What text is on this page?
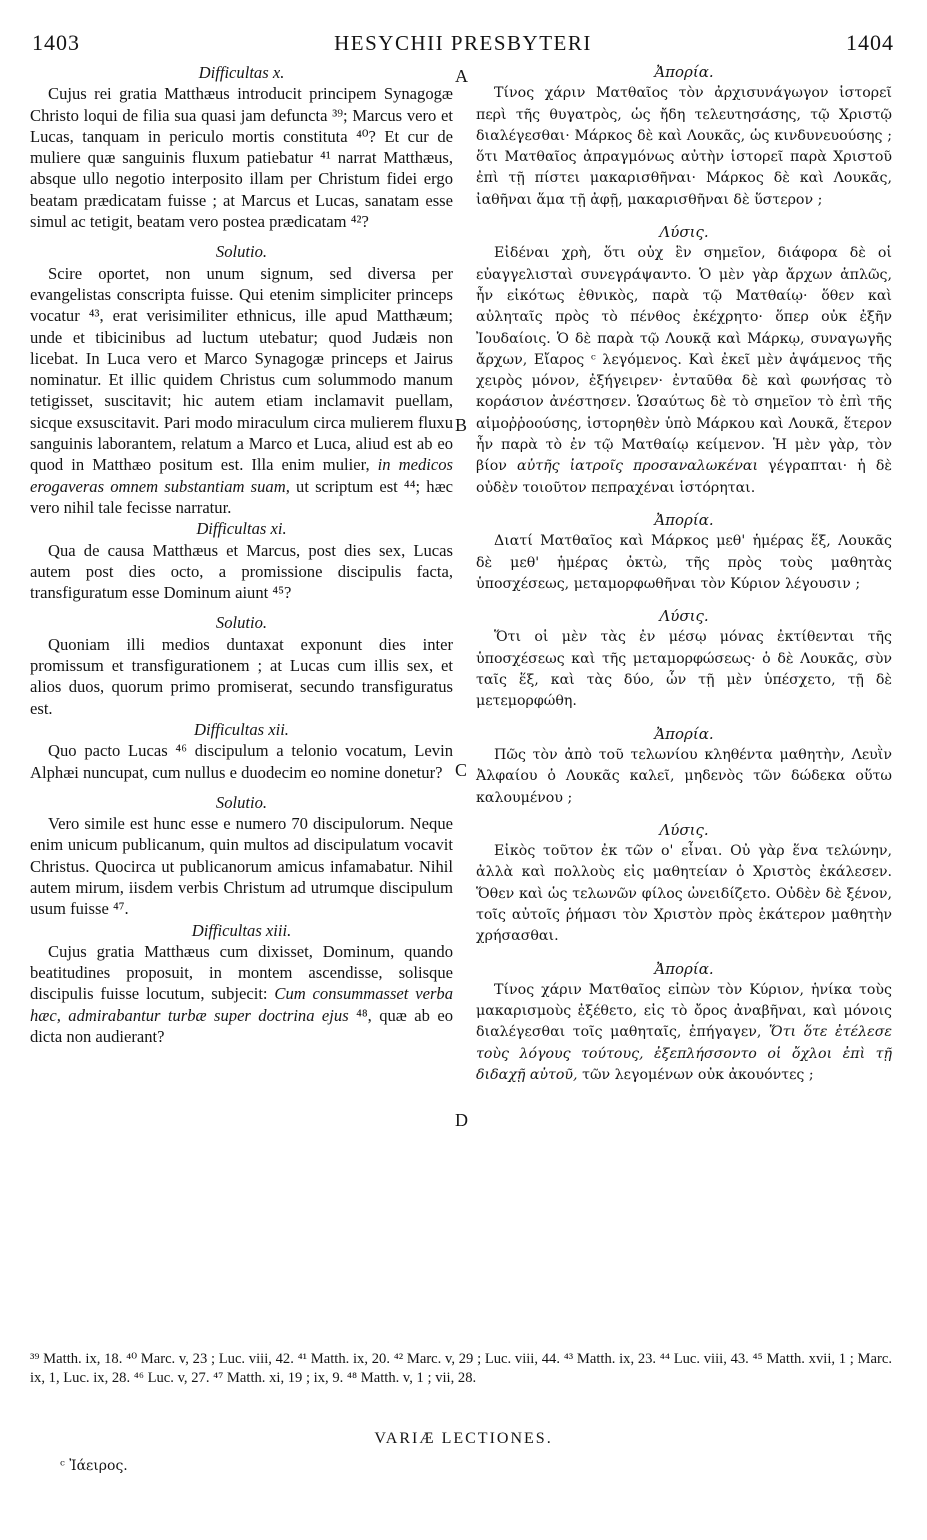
1403	HESYCHII PRESBYTERI	1404

Difficultas x.

Cujus rei gratia Matthæus introducit principem Synagogæ Christo loqui de filia sua quasi jam defuncta ³⁹; Marcus vero et Lucas, tanquam in periculo mortis constituta ⁴⁰? Et cur de muliere quæ sanguinis fluxum patiebatur ⁴¹ narrat Matthæus, absque ullo negotio interposito illam per Christum fidei ergo beatam prædicatam fuisse ; at Marcus et Lucas, sanatam esse simul ac tetigit, beatam vero postea prædicatam ⁴²?

Solutio.

Scire oportet, non unum signum, sed diversa per evangelistas conscripta fuisse. Qui etenim simpliciter princeps vocatur ⁴³, erat verisimiliter ethnicus, ille apud Matthæum; unde et tibicinibus ad luctum utebatur; quod Judæis non licebat. In Luca vero et Marco Synagogæ princeps et Jairus nominatur. Et illic quidem Christus cum solummodo manum tetigisset, suscitavit; hic autem etiam inclamavit puellam, sicque exsuscitavit. Pari modo miraculum circa mulierem fluxu sanguinis laborantem, relatum a Marco et Luca, aliud est ab eo quod in Matthæo positum est. Illa enim mulier, in medicos erogaveras omnem substantiam suam, ut scriptum est ⁴⁴; hæc vero nihil tale fecisse narratur.

Difficultas xi.

Qua de causa Matthæus et Marcus, post dies sex, Lucas autem post dies octo, a promissione discipulis facta, transfiguratum esse Dominum aiunt ⁴⁵?

Solutio.

Quoniam illi medios duntaxat exponunt dies inter promissum et transfigurationem ; at Lucas cum illis sex, et alios duos, quorum primo promiserat, secundo transfiguratus est.

Difficultas xii.

Quo pacto Lucas ⁴⁶ discipulum a telonio vocatum, Levin Alphæi nuncupat, cum nullus e duodecim eo nomine donetur?

Solutio.

Vero simile est hunc esse e numero 70 discipulorum. Neque enim unicum publicanum, quin multos ad discipulatum vocavit Christus. Quocirca ut publicanorum amicus infamabatur. Nihil autem mirum, iisdem verbis Christum ad utrumque discipulum usum fuisse ⁴⁷.

Difficultas xiii.

Cujus gratia Matthæus cum dixisset, Dominum, quando beatitudines proposuit, in montem ascendisse, solisque discipulis fuisse locutum, subjecit: Cum consummasset verba hæc, admirabantur turbæ super doctrina ejus ⁴⁸, quæ ab eo dicta non audierant?

Ἀπορία.

Τίνος χάριν Ματθαῖος τὸν ἀρχισυνάγωγον ἱστορεῖ περὶ τῆς θυγατρὸς, ὡς ἤδη τελευτησάσης, τῷ Χριστῷ διαλέγεσθαι· Μάρκος δὲ καὶ Λουκᾶς, ὡς κινδυνευούσης ; ὅτι Ματθαῖος ἀπραγμόνως αὐτὴν ἱστορεῖ παρὰ Χριστοῦ ἐπὶ τῇ πίστει μακαρισθῆναι· Μάρκος δὲ καὶ Λουκᾶς, ἰαθῆναι ἅμα τῇ ἀφῇ, μακαρισθῆναι δὲ ὕστερον ;

Λύσις.

Εἰδέναι χρὴ, ὅτι οὐχ ἓν σημεῖον, διάφορα δὲ οἱ εὐαγγελισταὶ συνεγράψαντο. Ὁ μὲν γὰρ ἄρχων ἁπλῶς, ἦν εἰκότως ἐθνικὸς, παρὰ τῷ Ματθαίῳ· ὅθεν καὶ αὐληταῖς πρὸς τὸ πένθος ἐκέχρητο· ὅπερ οὐκ ἐξῆν Ἰουδαίοις. Ὁ δὲ παρὰ τῷ Λουκᾷ καὶ Μάρκῳ, συναγωγῆς ἄρχων, Εἴαρος ᶜ λεγόμενος. Καὶ ἐκεῖ μὲν ἀψάμενος τῆς χειρὸς μόνον, ἐξήγειρεν· ἐνταῦθα δὲ καὶ φωνήσας τὸ κοράσιον ἀνέστησεν. Ὡσαύτως δὲ τὸ σημεῖον τὸ ἐπὶ τῆς αἱμοῤῥοούσης, ἱστορηθὲν ὑπὸ Μάρκου καὶ Λουκᾶ, ἕτερον ἦν παρὰ τὸ ἐν τῷ Ματθαίῳ κείμενον. Ἡ μὲν γὰρ, τὸν βίον αὐτῆς ἰατροῖς προσαναλωκέναι γέγραπται· ἡ δὲ οὐδὲν τοιοῦτον πεπραχέναι ἱστόρηται.

Ἀπορία.

Διατί Ματθαῖος καὶ Μάρκος μεθ' ἡμέρας ἕξ, Λουκᾶς δὲ μεθ' ἡμέρας ὀκτὼ, τῆς πρὸς τοὺς μαθητὰς ὑποσχέσεως, μεταμορφωθῆναι τὸν Κύριον λέγουσιν ;

Λύσις.

Ὅτι οἱ μὲν τὰς ἐν μέσῳ μόνας ἐκτίθενται τῆς ὑποσχέσεως καὶ τῆς μεταμορφώσεως· ὁ δὲ Λουκᾶς, σὺν ταῖς ἕξ, καὶ τὰς δύο, ὧν τῇ μὲν ὑπέσχετο, τῇ δὲ μετεμορφώθη.

Ἀπορία.

Πῶς τὸν ἀπὸ τοῦ τελωνίου κληθέντα μαθητὴν, Λευῒν Ἀλφαίου ὁ Λουκᾶς καλεῖ, μηδενὸς τῶν δώδεκα οὕτω καλουμένου ;

Λύσις.

Εἰκὸς τοῦτον ἐκ τῶν ο' εἶναι. Οὐ γὰρ ἕνα τελώνην, ἀλλὰ καὶ πολλοὺς εἰς μαθητείαν ὁ Χριστὸς ἐκάλεσεν. Ὅθεν καὶ ὡς τελωνῶν φίλος ὠνειδίζετο. Οὐδὲν δὲ ξένον, τοῖς αὐτοῖς ῥήμασι τὸν Χριστὸν πρὸς ἑκάτερον μαθητὴν χρήσασθαι.

Ἀπορία.

Τίνος χάριν Ματθαῖος εἰπὼν τὸν Κύριον, ἡνίκα τοὺς μακαρισμοὺς ἐξέθετο, εἰς τὸ ὄρος ἀναβῆναι, καὶ μόνοις διαλέγεσθαι τοῖς μαθηταῖς, ἐπήγαγεν, Ὅτι ὅτε ἐτέλεσε τοὺς λόγους τούτους, ἐξεπλήσσοντο οἱ ὄχλοι ἐπὶ τῇ διδαχῇ αὐτοῦ, τῶν λεγομένων οὐκ ἀκουόντες ;

A
B
C
D
³⁹ Matth. ix, 18. ⁴⁰ Marc. v, 23 ; Luc. viii, 42. ⁴¹ Matth. ix, 20. ⁴² Marc. v, 29 ; Luc. viii, 44. ⁴³ Matth. ix, 23. ⁴⁴ Luc. viii, 43. ⁴⁵ Matth. xvii, 1 ; Marc. ix, 1, Luc. ix, 28. ⁴⁶ Luc. v, 27. ⁴⁷ Matth. xi, 19 ; ix, 9. ⁴⁸ Matth. v, 1 ; vii, 28.
VARIÆ LECTIONES.
ᶜ Ἰάειρος.
